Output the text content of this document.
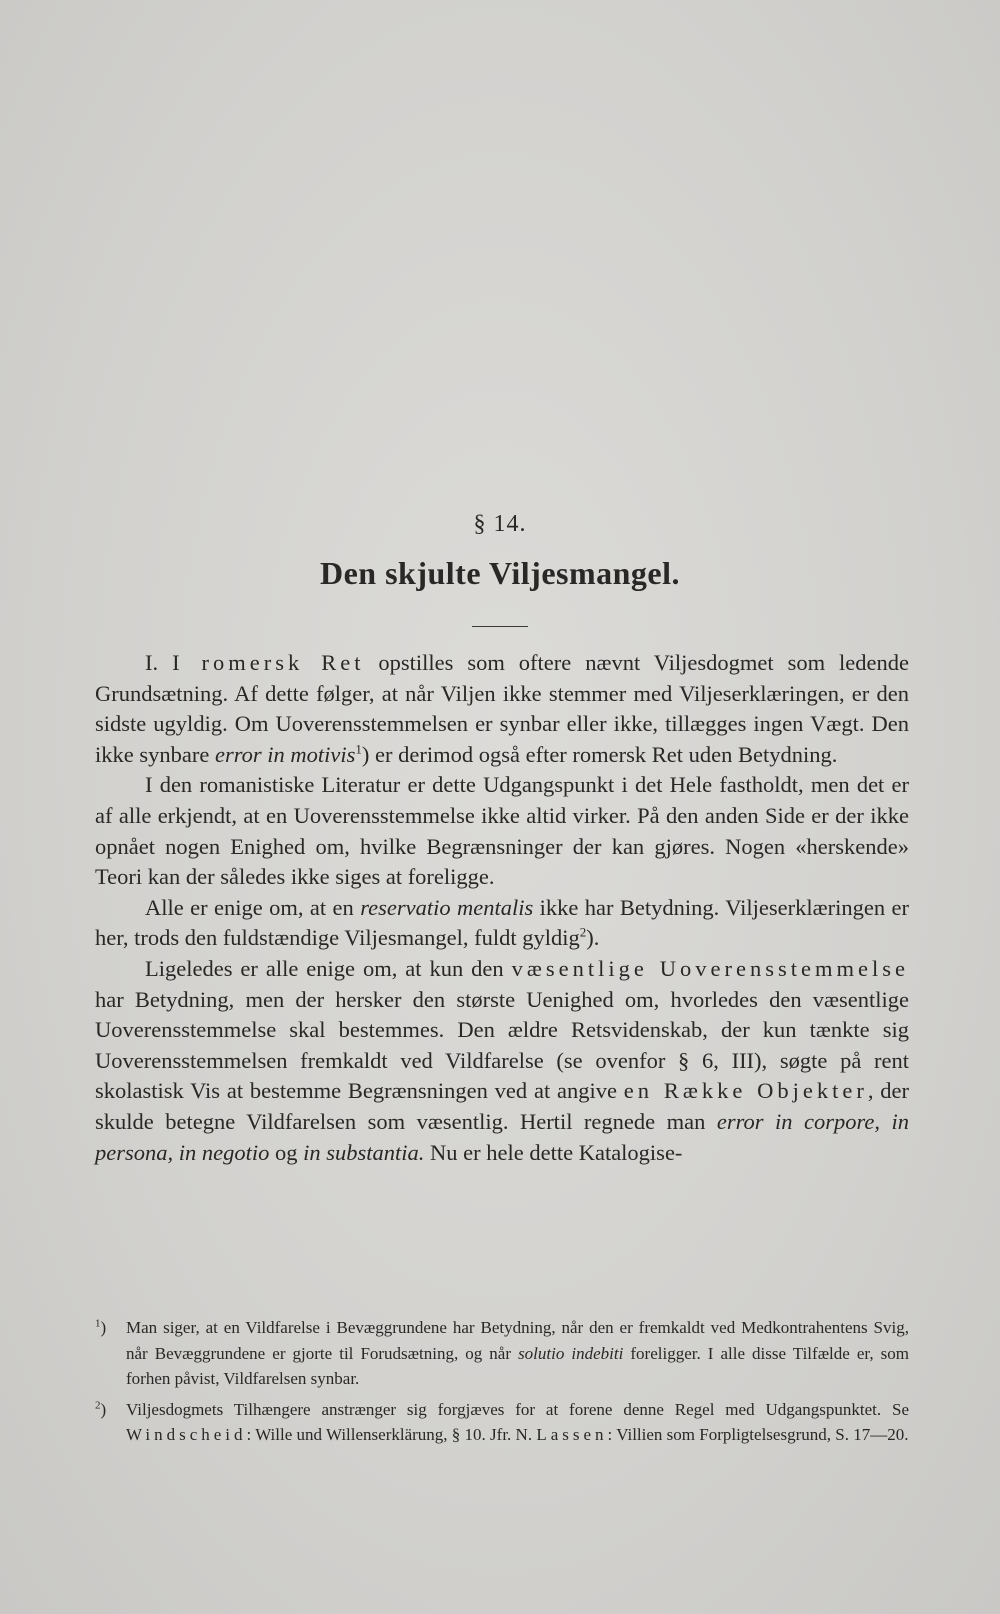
§ 14.
Den skjulte Viljesmangel.

I. I romersk Ret opstilles som oftere nævnt Viljesdogmet som ledende Grundsætning. Af dette følger, at når Viljen ikke stemmer med Viljeserklæringen, er den sidste ugyldig. Om Uoverensstemmelsen er synbar eller ikke, tillægges ingen Vægt. Den ikke synbare error in motivis$^1$) er derimod også efter romersk Ret uden Betydning.

I den romanistiske Literatur er dette Udgangspunkt i det Hele fastholdt, men det er af alle erkjendt, at en Uoverensstemmelse ikke altid virker. På den anden Side er der ikke opnået nogen Enighed om, hvilke Begrænsninger der kan gjøres. Nogen «herskende» Teori kan der således ikke siges at foreligge.

Alle er enige om, at en reservatio mentalis ikke har Betydning. Viljeserklæringen er her, trods den fuldstændige Viljesmangel, fuldt gyldig$^2$).

Ligeledes er alle enige om, at kun den væsentlige Uoverensstemmelse har Betydning, men der hersker den største Uenighed om, hvorledes den væsentlige Uoverensstemmelse skal bestemmes. Den ældre Retsvidenskab, der kun tænkte sig Uoverensstemmelsen fremkaldt ved Vildfarelse (se ovenfor § 6, III), søgte på rent skolastisk Vis at bestemme Begrænsningen ved at angive en Række Objekter, der skulde betegne Vildfarelsen som væsentlig. Hertil regnede man error in corpore, in persona, in negotio og in substantia. Nu er hele dette Katalogise-

$^1$) Man siger, at en Vildfarelse i Bevæggrundene har Betydning, når den er fremkaldt ved Medkontrahentens Svig, når Bevæggrundene er gjorte til Forudsætning, og når solutio indebiti foreligger. I alle disse Tilfælde er, som forhen påvist, Vildfarelsen synbar.

$^2$) Viljesdogmets Tilhængere anstrænger sig forgjæves for at forene denne Regel med Udgangspunktet. Se Windscheid: Wille und Willenserklärung, § 10. Jfr. N. Lassen: Villien som Forpligtelsesgrund, S. 17—20.
